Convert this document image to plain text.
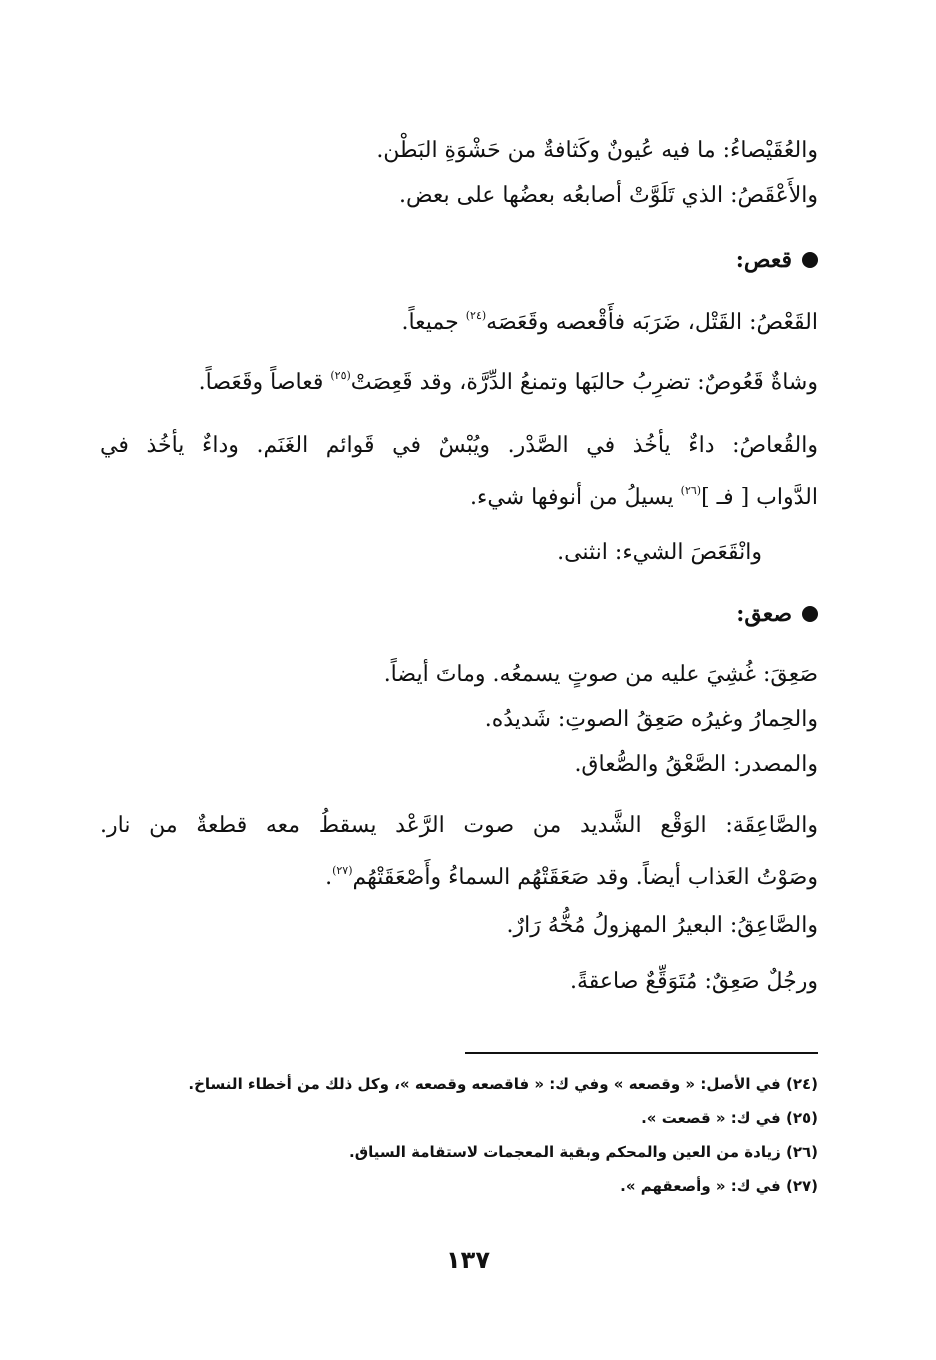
والعُقَيْصاءُ: ما فيه عُيونٌ وكَثافةٌ من حَشْوَةِ البَطْن.
والأَعْقَصُ: الذي تَلَوَّتْ أصابعُه بعضُها على بعض.
قعص:
القَعْصُ: القَتْل، ضَرَبَه فأَقْعصه وقَعَصَه$^{(٢٤)}$ جميعاً.
وشاةٌ قَعُوصٌ: تضرِبُ حالبَها وتمنعُ الدِّرَّة، وقد قَعِصَتْ$^{(٢٥)}$ قعاصاً وقَعَصاً.
والقُعاصُ: داءٌ يأخُذ في الصَّدْر. ويُبْسٌ في قَوائم الغَنَم. وداءٌ يأخُذ في
الدَّواب [ فـ ]$^{(٢٦)}$ يسيلُ من أنوفها شيء.
وانْقَعَصَ الشيء: انثنى.
صعق:
صَعِقَ: غُشِيَ عليه من صوتٍ يسمعُه. وماتَ أيضاً.
والحِمارُ وغيرُه صَعِقُ الصوتِ: شَديدُه.
والمصدر: الصَّعْقُ والصُّعاق.
والصَّاعِقَة: الوَقْع الشَّديد من صوت الرَّعْد يسقطُ معه قطعةٌ من نار.
وصَوْتُ العَذاب أيضاً. وقد صَعَقَتْهُم السماءُ وأَصْعَقَتْهُم$^{(٢٧)}$.
والصَّاعِقُ: البعيرُ المهزولُ مُخُّهُ رَارٌ.
ورجُلٌ صَعِقٌ: مُتَوَقِّعٌ صاعقةً.
(٢٤) في الأصل: « وقصعه » وفي ك: « فاقصعه وقصعه »، وكل ذلك من أخطاء النساخ.
(٢٥) في ك: « قصعت ».
(٢٦) زيادة من العين والمحكم وبقية المعجمات لاستقامة السياق.
(٢٧) في ك: « وأصعقهم ».
١٣٧
